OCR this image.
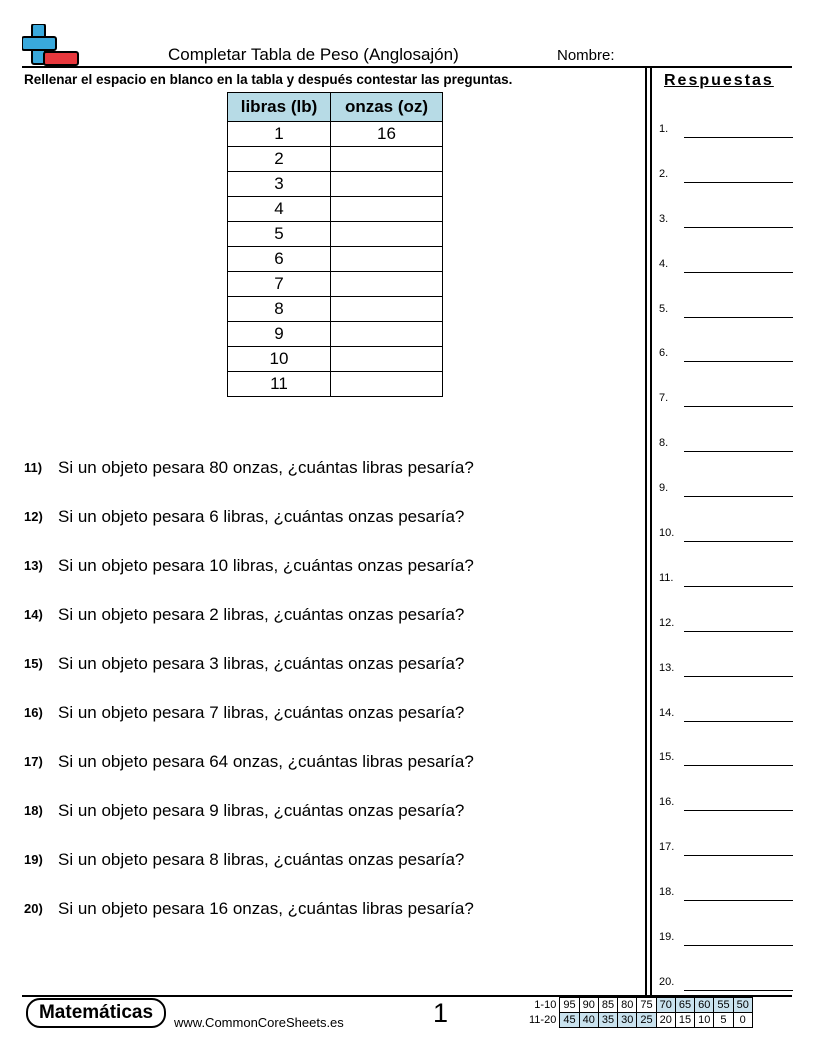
Completar Tabla de Peso (Anglosajón)	Nombre:
Rellenar el espacio en blanco en la tabla y después contestar las preguntas.
libras (lb)	onzas (oz)
1	16
2	
3	
4	
5	
6	
7	
8	
9	
10	
11	
11) Si un objeto pesara 80 onzas, ¿cuántas libras pesaría?
12) Si un objeto pesara 6 libras, ¿cuántas onzas pesaría?
13) Si un objeto pesara 10 libras, ¿cuántas onzas pesaría?
14) Si un objeto pesara 2 libras, ¿cuántas onzas pesaría?
15) Si un objeto pesara 3 libras, ¿cuántas onzas pesaría?
16) Si un objeto pesara 7 libras, ¿cuántas onzas pesaría?
17) Si un objeto pesara 64 onzas, ¿cuántas libras pesaría?
18) Si un objeto pesara 9 libras, ¿cuántas onzas pesaría?
19) Si un objeto pesara 8 libras, ¿cuántas onzas pesaría?
20) Si un objeto pesara 16 onzas, ¿cuántas libras pesaría?
Respuestas
1.
2.
3.
4.
5.
6.
7.
8.
9.
10.
11.
12.
13.
14.
15.
16.
17.
18.
19.
20.
Matemáticas	www.CommonCoreSheets.es	1	1-10	95	90	85	80	75	70	65	60	55	50
11-20	45	40	35	30	25	20	15	10	5	0
